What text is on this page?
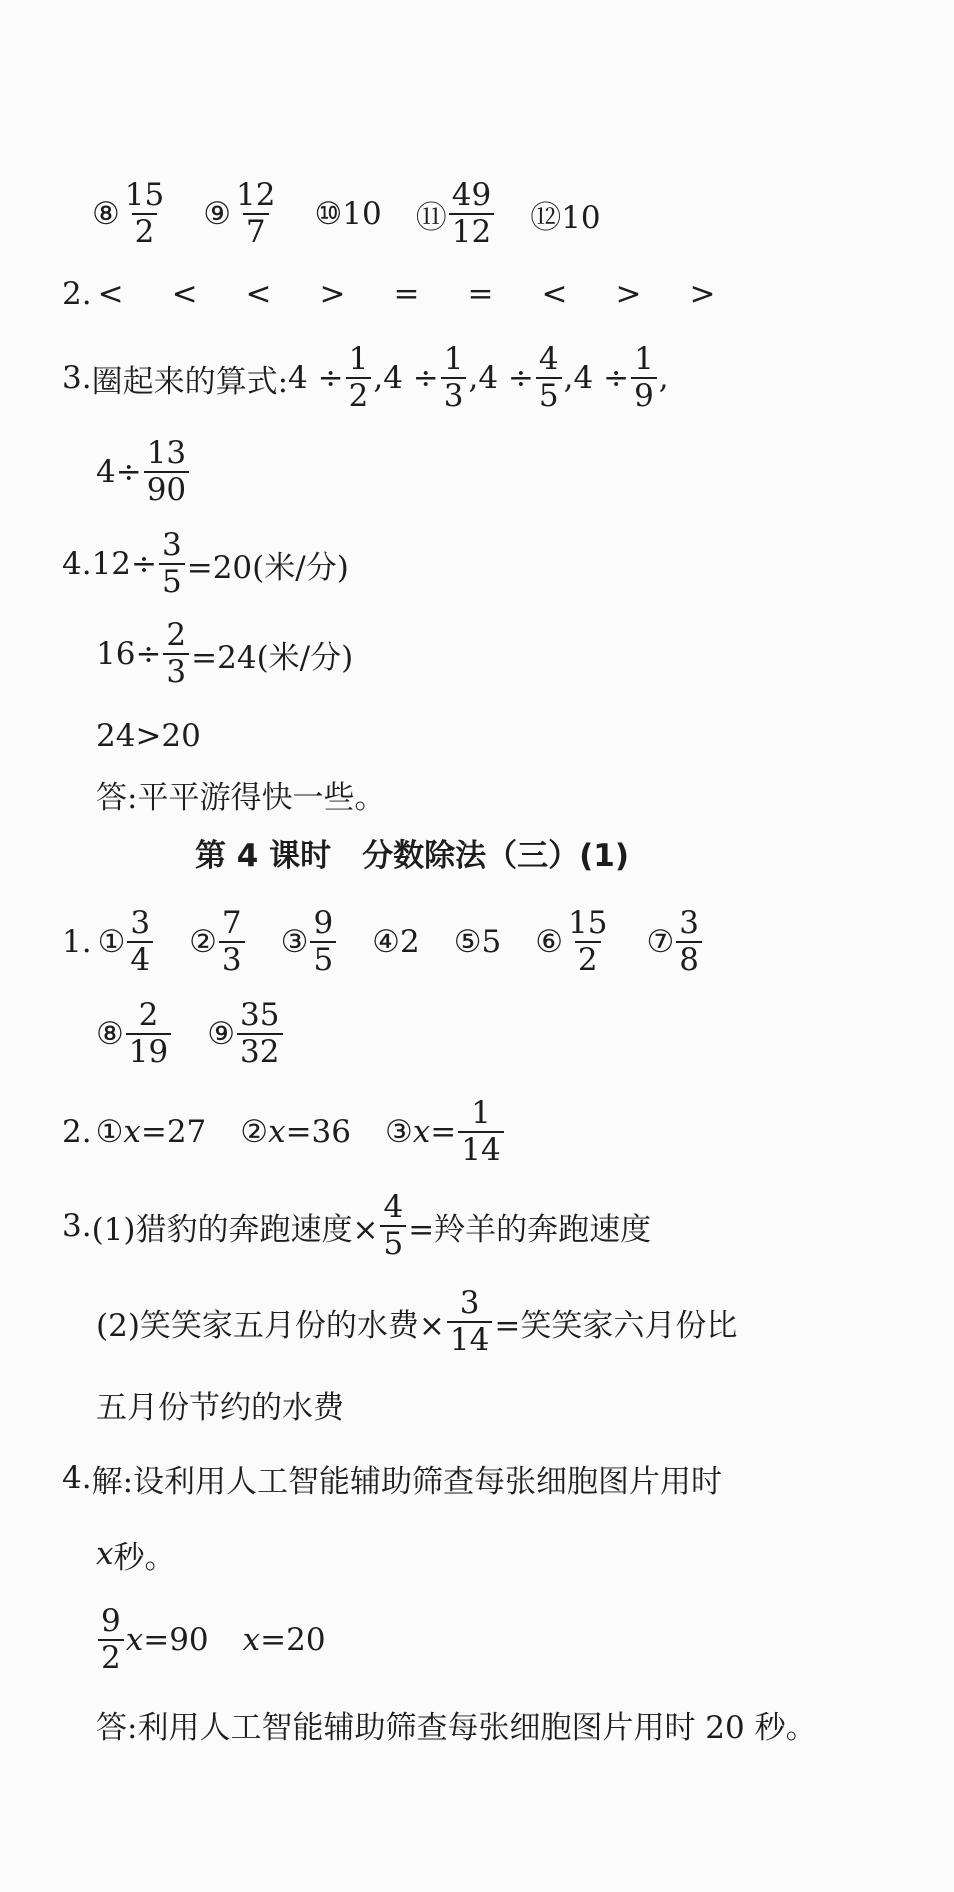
⑧ $\frac{15}{2}$ ⑨ $\frac{12}{7}$ ⑩10 ⑪ $\frac{49}{12}$ ⑫10
2. < < < > = = < > >
3. 圈起来的算式: $4 \div \frac{1}{2}$ , $4 \div \frac{1}{3}$ , $4 \div \frac{4}{5}$ , $4 \div \frac{1}{9}$ ,
$4\div \frac{13}{90}$
4. $12\div \frac{3}{5} =20$(米/分)
$16\div \frac{2}{3} =24$(米/分)
24>20
答:平平游得快一些。
第 4 课时　分数除法（三）(1)
1. ① $\frac{3}{4}$ ② $\frac{7}{3}$ ③ $\frac{9}{5}$ ④2 ⑤5 ⑥ $\frac{15}{2}$ ⑦ $\frac{3}{8}$
⑧ $\frac{2}{19}$ ⑨ $\frac{35}{32}$
2. ① x =27 ② x =36 ③ $x = \frac{1}{14}$
3. (1)猎豹的奔跑速度× $\frac{4}{5}$ =羚羊的奔跑速度
(2)笑笑家五月份的水费× $\frac{3}{14}$ =笑笑家六月份比
五月份节约的水费
4. 解:设利用人工智能辅助筛查每张细胞图片用时
x 秒。
$\frac{9}{2}$ x =90 x =20
答:利用人工智能辅助筛查每张细胞图片用时 20 秒。
